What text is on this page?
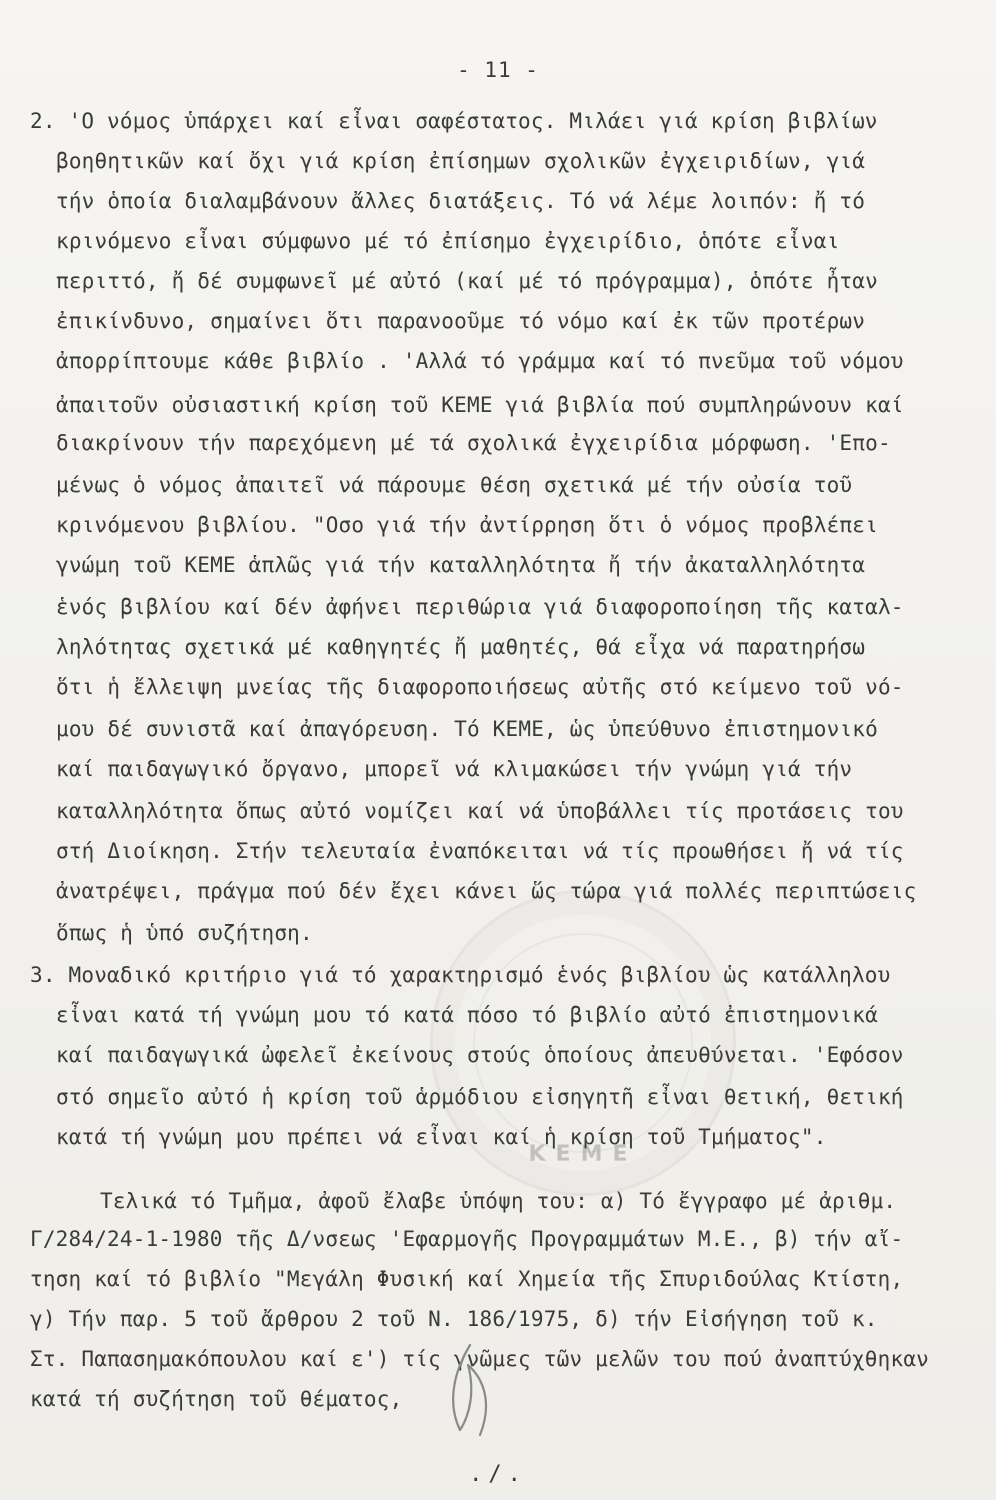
ΚΕΜΕ
- 11 -
2. 'Ο νόμος ὑπάρχει καί εἶναι σαφέστατος. Μιλάει γιά κρίση βιβλίων
βοηθητικῶν καί ὄχι γιά κρίση ἐπίσημων σχολικῶν ἐγχειριδίων, γιά
τήν ὁποία διαλαμβάνουν ἄλλες διατάξεις. Τό νά λέμε λοιπόν: ἤ τό
κρινόμενο εἶναι σύμφωνο μέ τό ἐπίσημο ἐγχειρίδιο, ὁπότε εἶναι
περιττό, ἤ δέ συμφωνεῖ μέ αὐτό (καί μέ τό πρόγραμμα), ὁπότε ἦταν
ἐπικίνδυνο, σημαίνει ὅτι παρανοοῦμε τό νόμο καί ἐκ τῶν προτέρων
ἀπορρίπτουμε κάθε βιβλίο . 'Αλλά τό γράμμα καί τό πνεῦμα τοῦ νόμου
ἀπαιτοῦν οὐσιαστική κρίση τοῦ ΚΕΜΕ γιά βιβλία πού συμπληρώνουν καί
διακρίνουν τήν παρεχόμενη μέ τά σχολικά ἐγχειρίδια μόρφωση. 'Επο-
μένως ὁ νόμος ἀπαιτεῖ νά πάρουμε θέση σχετικά μέ τήν οὐσία τοῦ
κρινόμενου βιβλίου. "Οσο γιά τήν ἀντίρρηση ὅτι ὁ νόμος προβλέπει
γνώμη τοῦ ΚΕΜΕ ἁπλῶς γιά τήν καταλληλότητα ἤ τήν ἀκαταλληλότητα
ἑνός βιβλίου καί δέν ἀφήνει περιθώρια γιά διαφοροποίηση τῆς καταλ-
ληλότητας σχετικά μέ καθηγητές ἤ μαθητές, θά εἶχα νά παρατηρήσω
ὅτι ἡ ἔλλειψη μνείας τῆς διαφοροποιήσεως αὐτῆς στό κείμενο τοῦ νό-
μου δέ συνιστᾶ καί ἀπαγόρευση. Τό ΚΕΜΕ, ὡς ὑπεύθυνο ἐπιστημονικό
καί παιδαγωγικό ὄργανο, μπορεῖ νά κλιμακώσει τήν γνώμη γιά τήν
καταλληλότητα ὅπως αὐτό νομίζει καί νά ὑποβάλλει τίς προτάσεις του
στή Διοίκηση. Στήν τελευταία ἐναπόκειται νά τίς προωθήσει ἤ νά τίς
ἀνατρέψει, πράγμα πού δέν ἔχει κάνει ὥς τώρα γιά πολλές περιπτώσεις
ὅπως ἡ ὑπό συζήτηση.
3. Μοναδικό κριτήριο γιά τό χαρακτηρισμό ἑνός βιβλίου ὡς κατάλληλου
εἶναι κατά τή γνώμη μου τό κατά πόσο τό βιβλίο αὐτό ἐπιστημονικά
καί παιδαγωγικά ὠφελεῖ ἐκείνους στούς ὁποίους ἀπευθύνεται. 'Εφόσον
στό σημεῖο αὐτό ἡ κρίση τοῦ ἁρμόδιου εἰσηγητῆ εἶναι θετική, θετική
κατά τή γνώμη μου πρέπει νά εἶναι καί ἡ κρίση τοῦ Τμήματος".
Τελικά τό Τμῆμα, ἀφοῦ ἔλαβε ὑπόψη του: α) Τό ἔγγραφο μέ ἀριθμ.
Γ/284/24-1-1980 τῆς Δ/νσεως 'Εφαρμογῆς Προγραμμάτων Μ.Ε., β) τήν αἴ-
τηση καί τό βιβλίο "Μεγάλη Φυσική καί Χημεία τῆς Σπυριδούλας Κτίστη,
γ) Τήν παρ. 5 τοῦ ἄρθρου 2 τοῦ Ν. 186/1975, δ) τήν Εἰσήγηση τοῦ κ.
Στ. Παπασημακόπουλου καί ε') τίς γνῶμες τῶν μελῶν του πού ἀναπτύχθηκαν
κατά τή συζήτηση τοῦ θέματος,
./.
